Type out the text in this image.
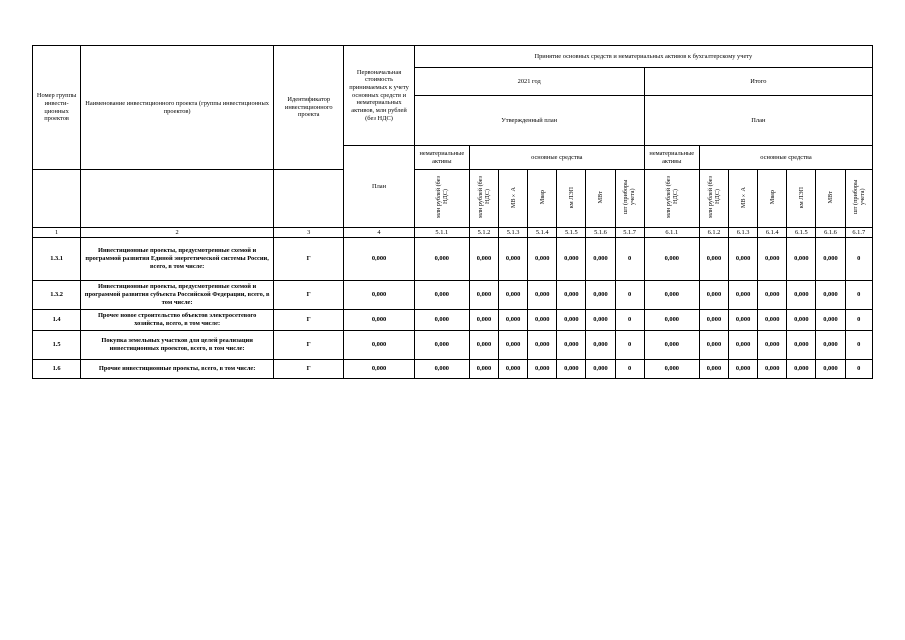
Номер группы инвести-ционных проектов	Наименование инвестиционного проекта (группы инвестиционных проектов)	Идентификатор инвестиционного проекта	Первоначальная стоимость принимаемых к учету основных средств и нематериальных активов, млн рублей (без НДС)	Принятие основных средств и нематериальных активов к бухгалтерскому учету													
				2021 год							Итого						
				Утвержденный план							План						
			План	нематериальные активы	основные средства						нематериальные активы	основные средства					
				млн рублей (без НДС)	млн рублей (без НДС)	МВ×А	Мвар	км ЛЭП	МВт	шт (приборы учета)	млн рублей (без НДС)	млн рублей (без НДС)	МВ×А	Мвар	км ЛЭП	МВт	шт (приборы учета)
1	2	3	4	5.1.1	5.1.2	5.1.3	5.1.4	5.1.5	5.1.6	5.1.7	6.1.1	6.1.2	6.1.3	6.1.4	6.1.5	6.1.6	6.1.7
1.3.1	Инвестиционные проекты, предусмотренные схемой и программой развития Единой энергетической системы России, всего, в том числе:	Г	0,000	0,000	0,000	0,000	0,000	0,000	0,000	0	0,000	0,000	0,000	0,000	0,000	0,000	0
1.3.2	Инвестиционные проекты, предусмотренные схемой и программой развития субъекта Российской Федерации, всего, в том числе:	Г	0,000	0,000	0,000	0,000	0,000	0,000	0,000	0	0,000	0,000	0,000	0,000	0,000	0,000	0
1.4	Прочее новое строительство объектов электросетевого хозяйства, всего, в том числе:	Г	0,000	0,000	0,000	0,000	0,000	0,000	0,000	0	0,000	0,000	0,000	0,000	0,000	0,000	0
1.5	Покупка земельных участков для целей реализации инвестиционных проектов, всего, в том числе:	Г	0,000	0,000	0,000	0,000	0,000	0,000	0,000	0	0,000	0,000	0,000	0,000	0,000	0,000	0
1.6	Прочие инвестиционные проекты, всего, в том числе:	Г	0,000	0,000	0,000	0,000	0,000	0,000	0,000	0	0,000	0,000	0,000	0,000	0,000	0,000	0
